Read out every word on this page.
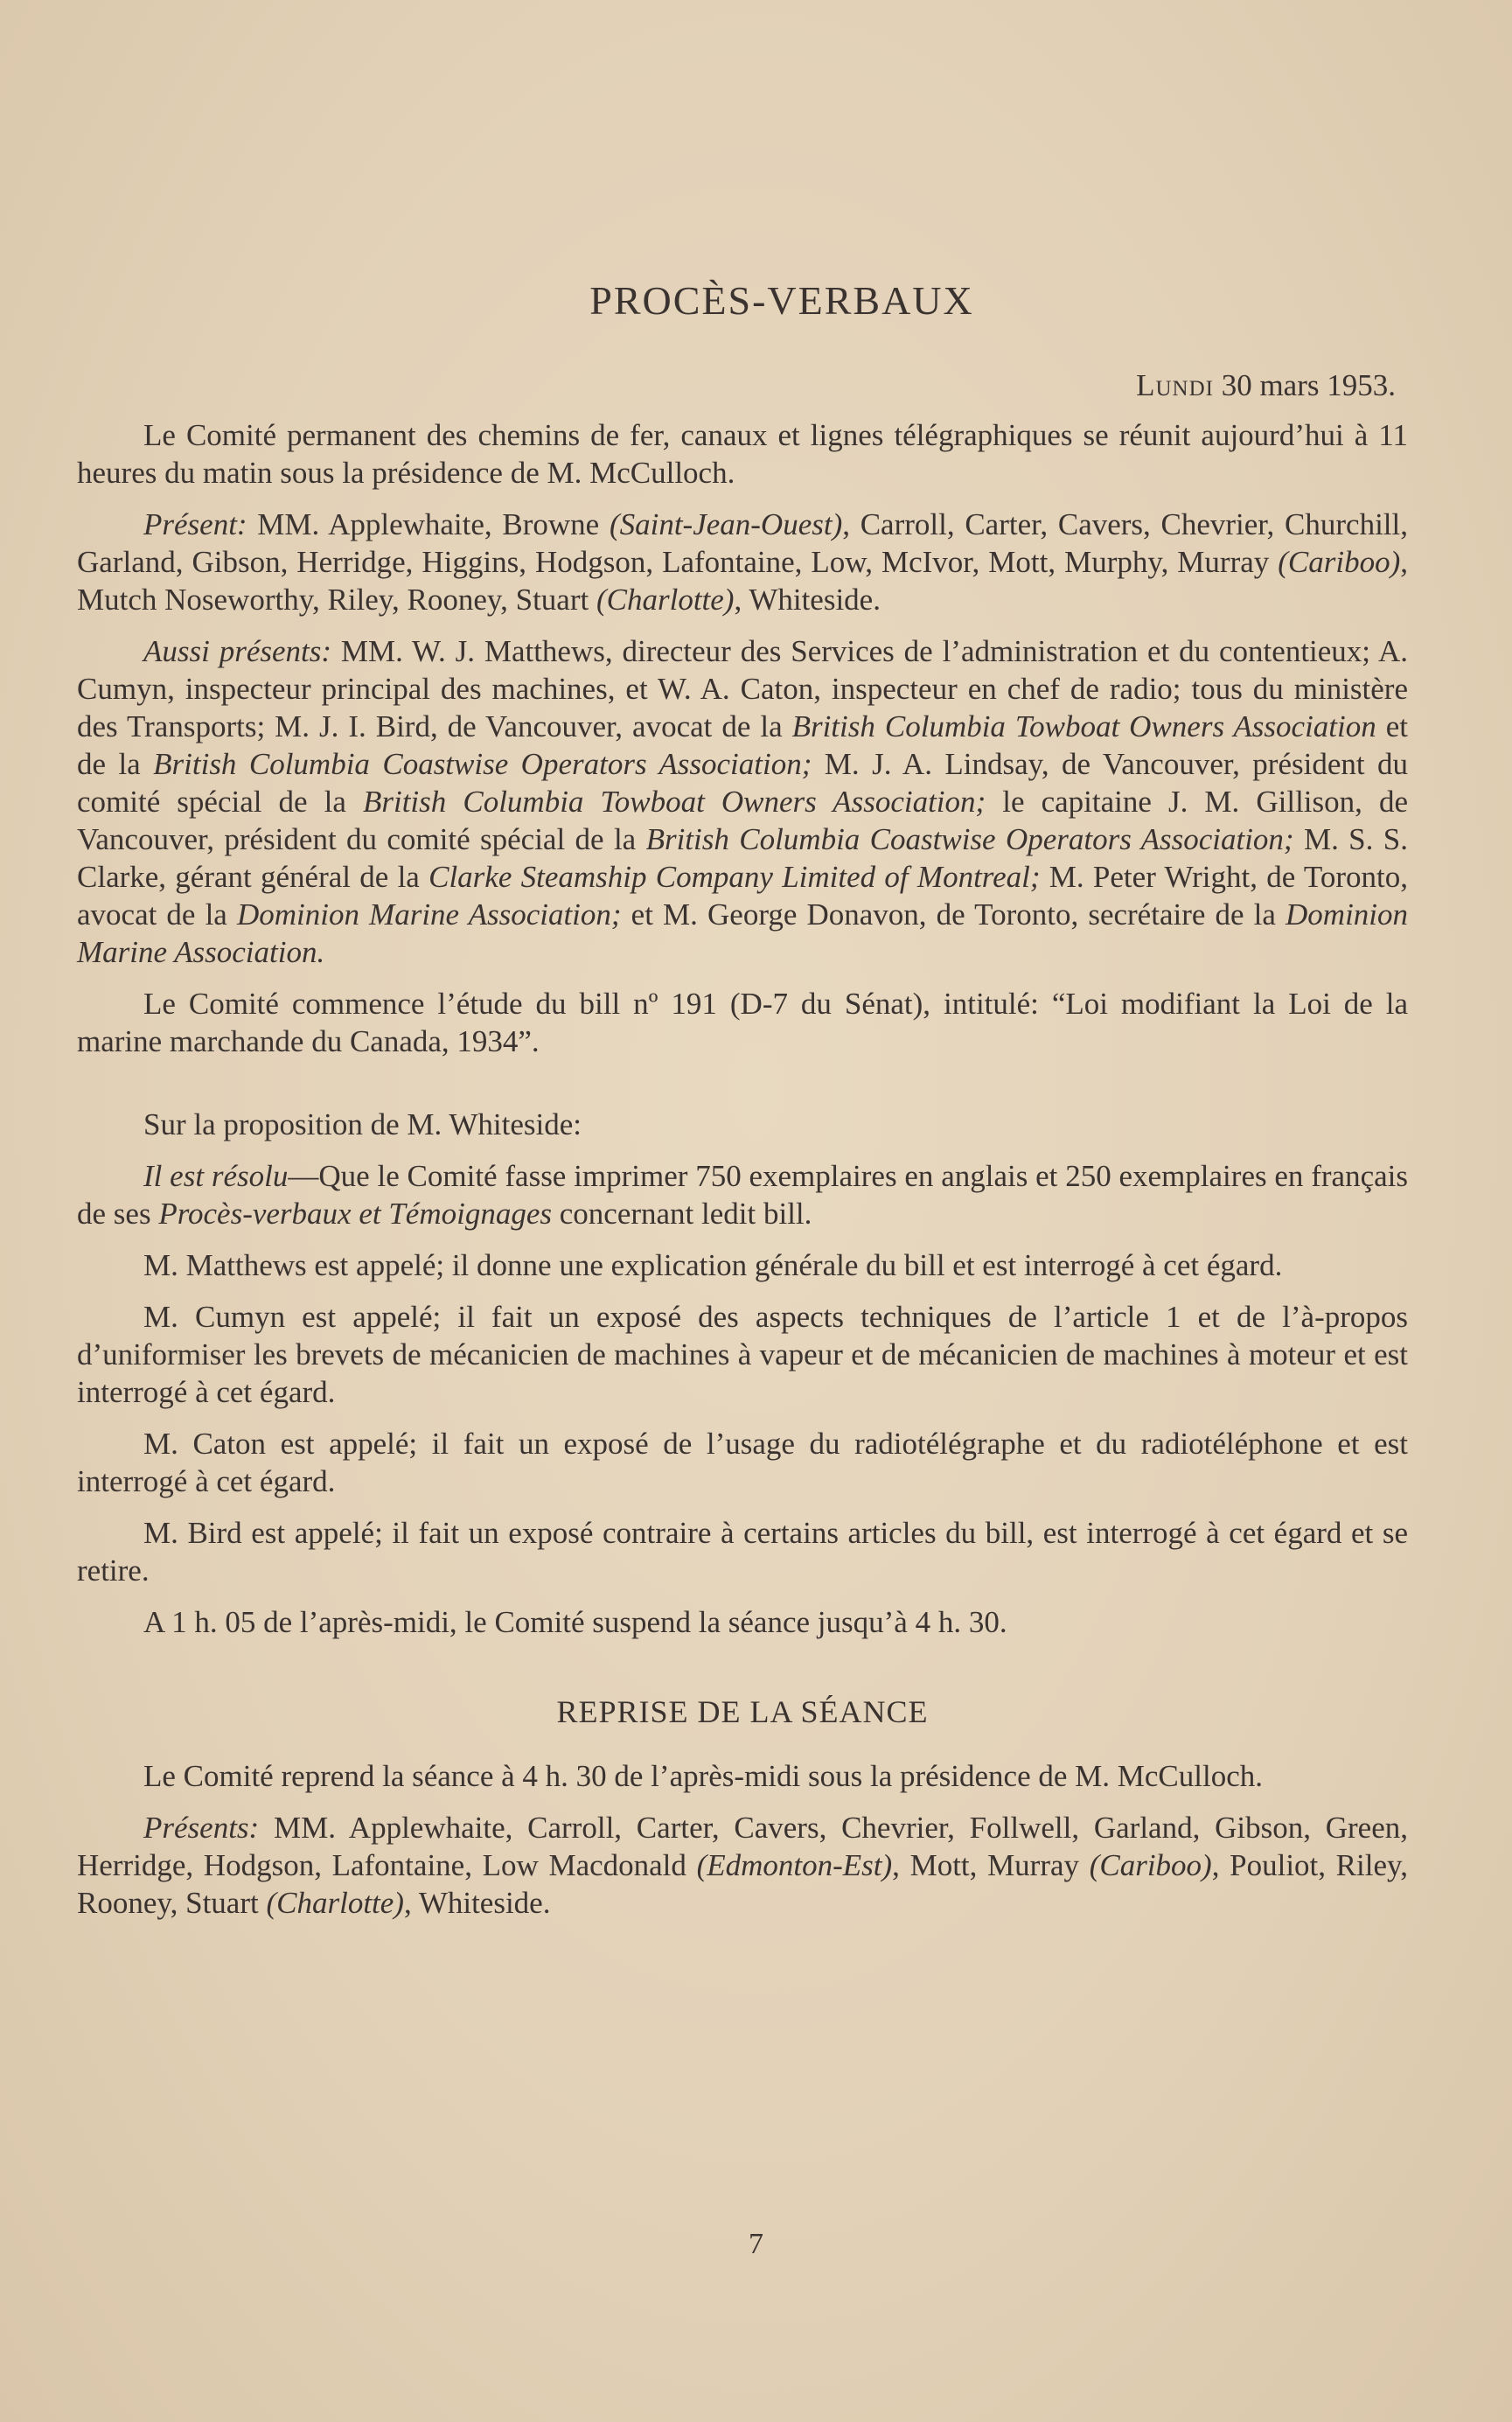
PROCÈS-VERBAUX
Lundi 30 mars 1953.

Le Comité permanent des chemins de fer, canaux et lignes télégraphiques se réunit aujourd’hui à 11 heures du matin sous la présidence de M. McCulloch.

Présent: MM. Applewhaite, Browne (Saint-Jean-Ouest), Carroll, Carter, Cavers, Chevrier, Churchill, Garland, Gibson, Herridge, Higgins, Hodgson, Lafontaine, Low, McIvor, Mott, Murphy, Murray (Cariboo), Mutch Noseworthy, Riley, Rooney, Stuart (Charlotte), Whiteside.

Aussi présents: MM. W. J. Matthews, directeur des Services de l’administration et du contentieux; A. Cumyn, inspecteur principal des machines, et W. A. Caton, inspecteur en chef de radio; tous du ministère des Transports; M. J. I. Bird, de Vancouver, avocat de la British Columbia Towboat Owners Association et de la British Columbia Coastwise Operators Association; M. J. A. Lindsay, de Vancouver, président du comité spécial de la British Columbia Towboat Owners Association; le capitaine J. M. Gillison, de Vancouver, président du comité spécial de la British Columbia Coastwise Operators Association; M. S. S. Clarke, gérant général de la Clarke Steamship Company Limited of Montreal; M. Peter Wright, de Toronto, avocat de la Dominion Marine Association; et M. George Donavon, de Toronto, secrétaire de la Dominion Marine Association.

Le Comité commence l’étude du bill nº 191 (D-7 du Sénat), intitulé: “Loi modifiant la Loi de la marine marchande du Canada, 1934”.

Sur la proposition de M. Whiteside:

Il est résolu—Que le Comité fasse imprimer 750 exemplaires en anglais et 250 exemplaires en français de ses Procès-verbaux et Témoignages concernant ledit bill.

M. Matthews est appelé; il donne une explication générale du bill et est interrogé à cet égard.

M. Cumyn est appelé; il fait un exposé des aspects techniques de l’article 1 et de l’à-propos d’uniformiser les brevets de mécanicien de machines à vapeur et de mécanicien de machines à moteur et est interrogé à cet égard.

M. Caton est appelé; il fait un exposé de l’usage du radiotélégraphe et du radiotéléphone et est interrogé à cet égard.

M. Bird est appelé; il fait un exposé contraire à certains articles du bill, est interrogé à cet égard et se retire.

A 1 h. 05 de l’après-midi, le Comité suspend la séance jusqu’à 4 h. 30.

REPRISE DE LA SÉANCE

Le Comité reprend la séance à 4 h. 30 de l’après-midi sous la présidence de M. McCulloch.

Présents: MM. Applewhaite, Carroll, Carter, Cavers, Chevrier, Follwell, Garland, Gibson, Green, Herridge, Hodgson, Lafontaine, Low Macdonald (Edmonton-Est), Mott, Murray (Cariboo), Pouliot, Riley, Rooney, Stuart (Charlotte), Whiteside.

7
